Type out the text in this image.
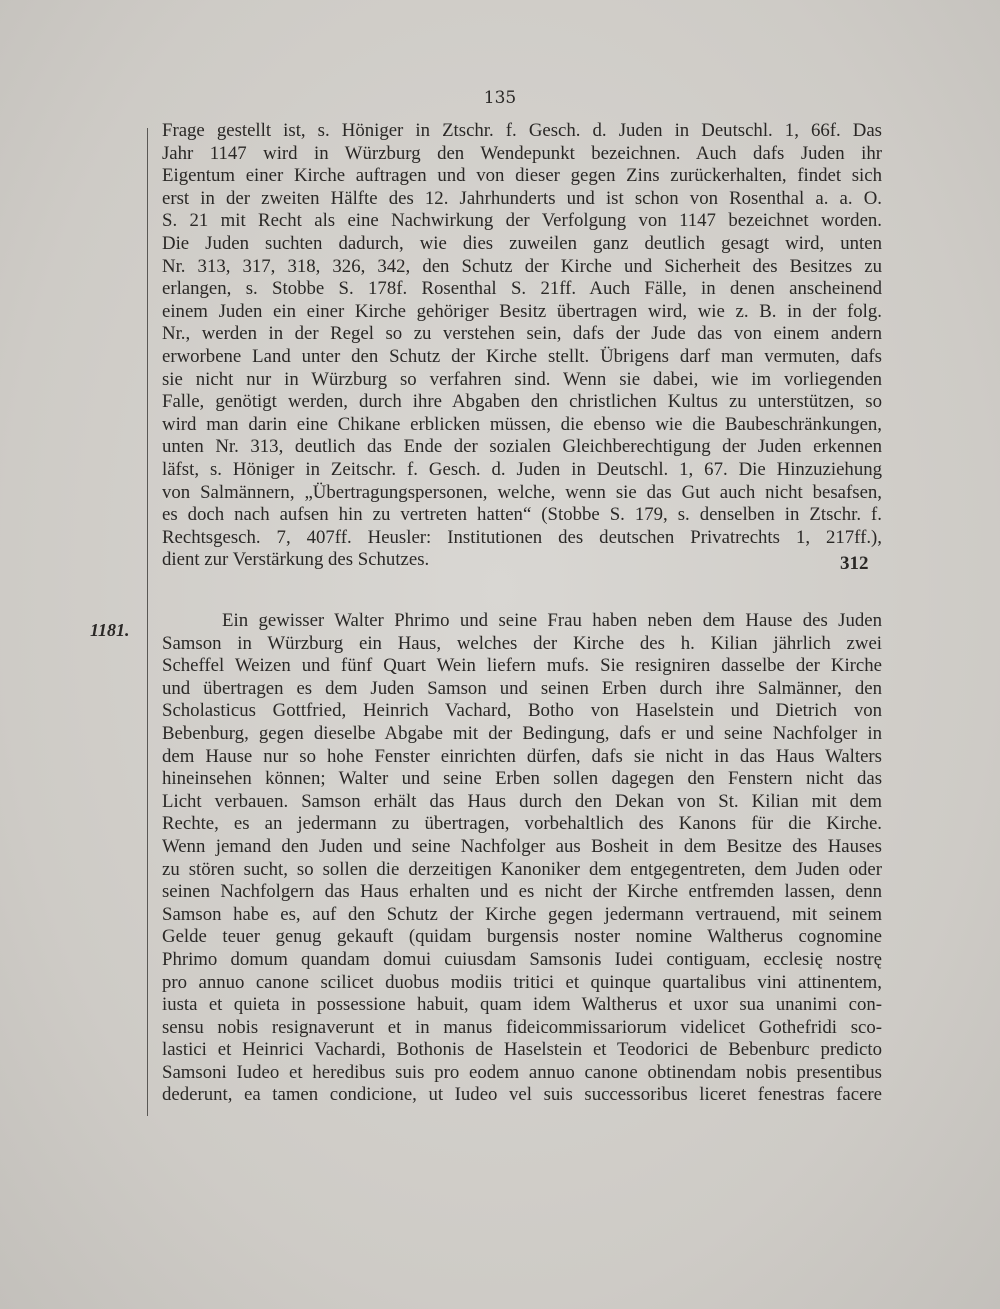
135
Frage gestellt ist, s. Höniger in Ztschr. f. Gesch. d. Juden in Deutschl. 1, 66f. Das
Jahr 1147 wird in Würzburg den Wendepunkt bezeichnen. Auch dafs Juden ihr
Eigentum einer Kirche auftragen und von dieser gegen Zins zurückerhalten, findet sich
erst in der zweiten Hälfte des 12. Jahrhunderts und ist schon von Rosenthal a. a. O.
S. 21 mit Recht als eine Nachwirkung der Verfolgung von 1147 bezeichnet worden.
Die Juden suchten dadurch, wie dies zuweilen ganz deutlich gesagt wird, unten
Nr. 313, 317, 318, 326, 342, den Schutz der Kirche und Sicherheit des Besitzes zu
erlangen, s. Stobbe S. 178f. Rosenthal S. 21ff. Auch Fälle, in denen anscheinend
einem Juden ein einer Kirche gehöriger Besitz übertragen wird, wie z. B. in der folg.
Nr., werden in der Regel so zu verstehen sein, dafs der Jude das von einem andern
erworbene Land unter den Schutz der Kirche stellt. Übrigens darf man vermuten, dafs
sie nicht nur in Würzburg so verfahren sind. Wenn sie dabei, wie im vorliegenden
Falle, genötigt werden, durch ihre Abgaben den christlichen Kultus zu unterstützen, so
wird man darin eine Chikane erblicken müssen, die ebenso wie die Baubeschränkungen,
unten Nr. 313, deutlich das Ende der sozialen Gleichberechtigung der Juden erkennen
läfst, s. Höniger in Zeitschr. f. Gesch. d. Juden in Deutschl. 1, 67. Die Hinzuziehung
von Salmännern, „Übertragungspersonen, welche, wenn sie das Gut auch nicht besafsen,
es doch nach aufsen hin zu vertreten hatten“ (Stobbe S. 179, s. denselben in Ztschr. f.
Rechtsgesch. 7, 407ff. Heusler: Institutionen des deutschen Privatrechts 1, 217ff.),
dient zur Verstärkung des Schutzes.	312
1181.	Ein gewisser Walter Phrimo und seine Frau haben neben dem Hause des Juden
Samson in Würzburg ein Haus, welches der Kirche des h. Kilian jährlich zwei
Scheffel Weizen und fünf Quart Wein liefern mufs. Sie resigniren dasselbe der Kirche
und übertragen es dem Juden Samson und seinen Erben durch ihre Salmänner, den
Scholasticus Gottfried, Heinrich Vachard, Botho von Haselstein und Dietrich von
Bebenburg, gegen dieselbe Abgabe mit der Bedingung, dafs er und seine Nachfolger in
dem Hause nur so hohe Fenster einrichten dürfen, dafs sie nicht in das Haus Walters
hineinsehen können; Walter und seine Erben sollen dagegen den Fenstern nicht das
Licht verbauen. Samson erhält das Haus durch den Dekan von St. Kilian mit dem
Rechte, es an jedermann zu übertragen, vorbehaltlich des Kanons für die Kirche.
Wenn jemand den Juden und seine Nachfolger aus Bosheit in dem Besitze des Hauses
zu stören sucht, so sollen die derzeitigen Kanoniker dem entgegentreten, dem Juden oder
seinen Nachfolgern das Haus erhalten und es nicht der Kirche entfremden lassen, denn
Samson habe es, auf den Schutz der Kirche gegen jedermann vertrauend, mit seinem
Gelde teuer genug gekauft (quidam burgensis noster nomine Waltherus cognomine
Phrimo domum quandam domui cuiusdam Samsonis Iudei contiguam, ecclesię nostrę
pro annuo canone scilicet duobus modiis tritici et quinque quartalibus vini attinentem,
iusta et quieta in possessione habuit, quam idem Waltherus et uxor sua unanimi con-
sensu nobis resignaverunt et in manus fideicommissariorum videlicet Gothefridi sco-
lastici et Heinrici Vachardi, Bothonis de Haselstein et Teodorici de Bebenburc predicto
Samsoni Iudeo et heredibus suis pro eodem annuo canone obtinendam nobis presentibus
dederunt, ea tamen condicione, ut Iudeo vel suis successoribus liceret fenestras facere
